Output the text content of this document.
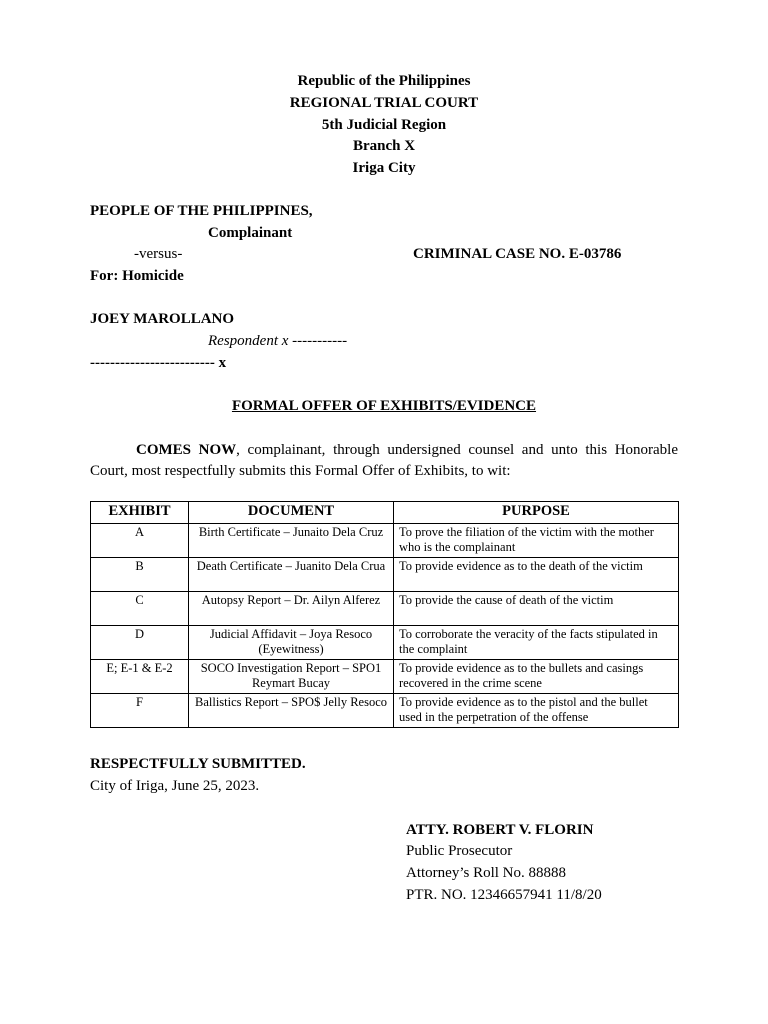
Republic of the Philippines
REGIONAL TRIAL COURT
5th Judicial Region
Branch X
Iriga City
PEOPLE OF THE PHILIPPINES,
Complainant
-versus-	CRIMINAL CASE NO. E-03786
For: Homicide
JOEY MAROLLANO
Respondent x -----------
------------------------- x
FORMAL OFFER OF EXHIBITS/EVIDENCE
COMES NOW, complainant, through undersigned counsel and unto this Honorable Court, most respectfully submits this Formal Offer of Exhibits, to wit:
EXHIBIT	DOCUMENT	PURPOSE
A	Birth Certificate – Junaito Dela Cruz	To prove the filiation of the victim with the mother who is the complainant
B	Death Certificate – Juanito Dela Crua	To provide evidence as to the death of the victim
C	Autopsy Report – Dr. Ailyn Alferez	To provide the cause of death of the victim
D	Judicial Affidavit – Joya Resoco (Eyewitness)	To corroborate the veracity of the facts stipulated in the complaint
E; E-1 & E-2	SOCO Investigation Report – SPO1 Reymart Bucay	To provide evidence as to the bullets and casings recovered in the crime scene
F	Ballistics Report – SPO$ Jelly Resoco	To provide evidence as to the pistol and the bullet used in the perpetration of the offense
RESPECTFULLY SUBMITTED.
City of Iriga, June 25, 2023.
ATTY. ROBERT V. FLORIN
Public Prosecutor
Attorney’s Roll No. 88888
PTR. NO. 12346657941 11/8/20
